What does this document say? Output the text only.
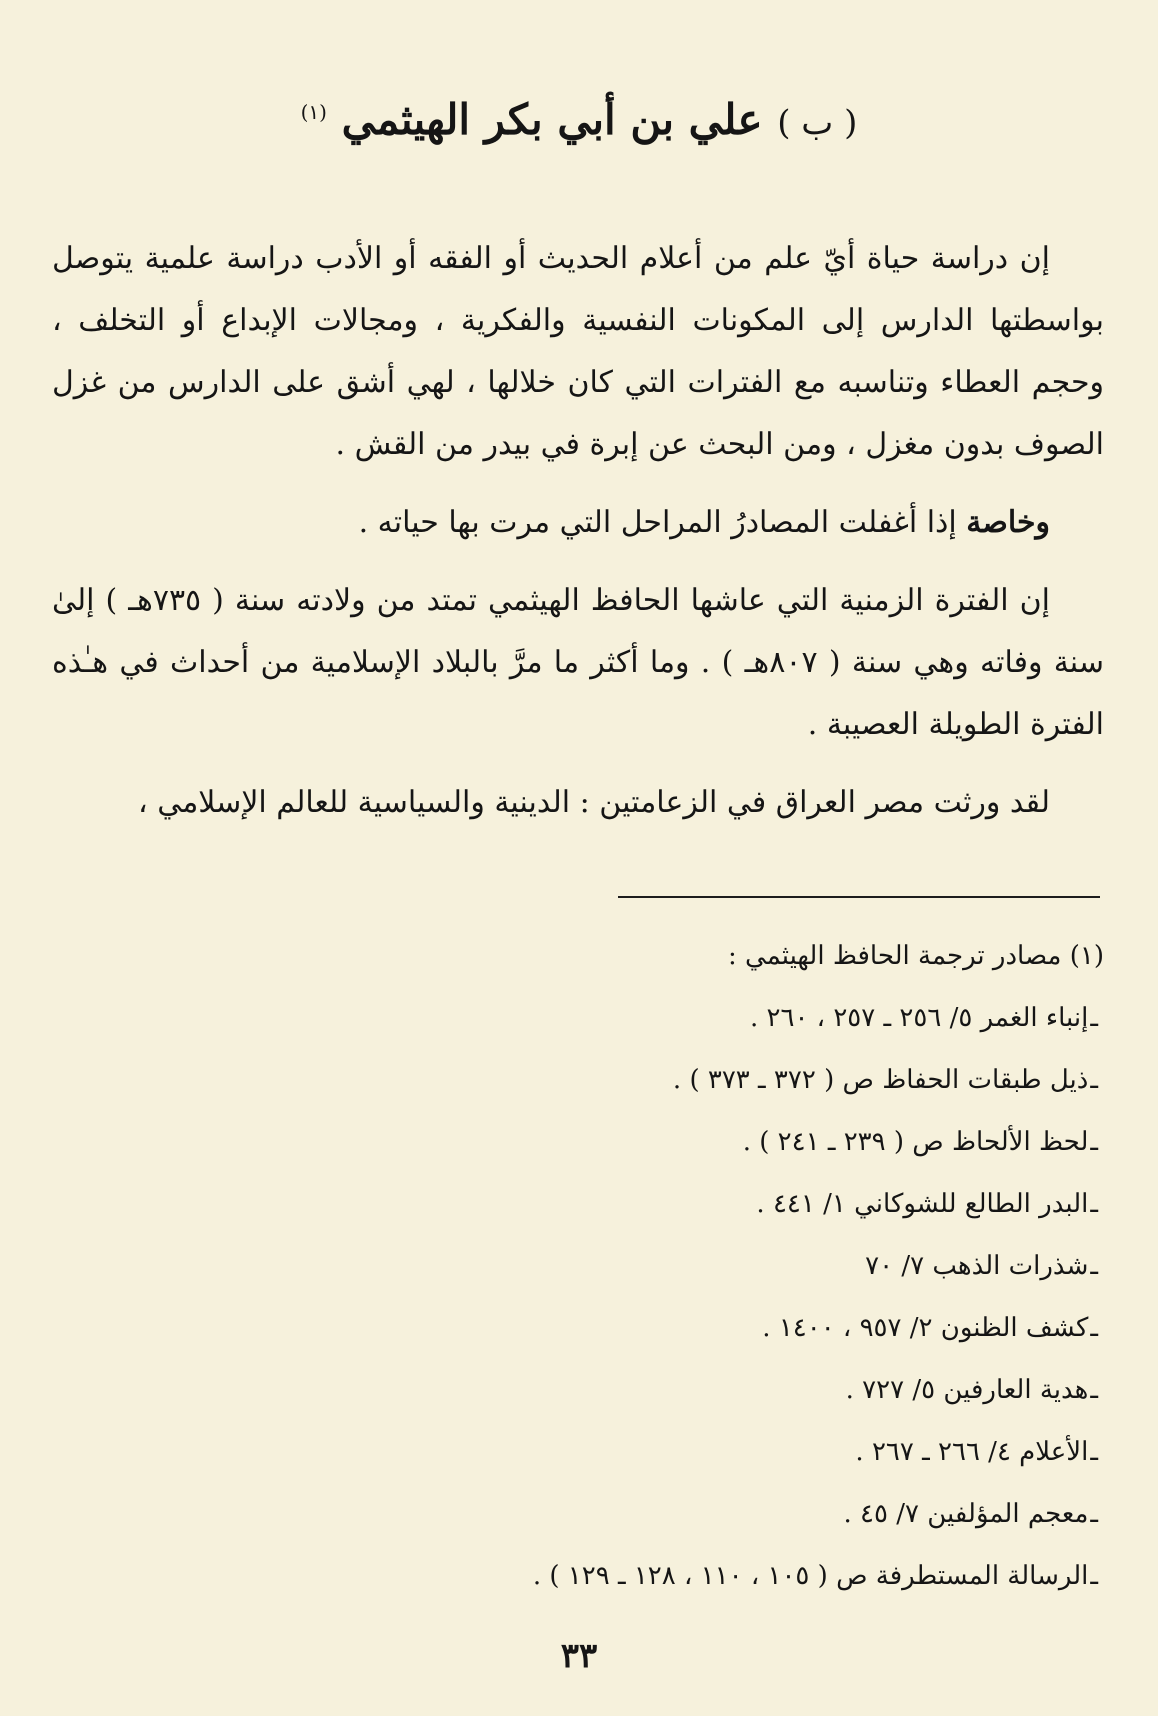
( ب ) علي بن أبي بكر الهيثمي $^{(١)}$

إن دراسة حياة أيّ علم من أعلام الحديث أو الفقه أو الأدب دراسة علمية يتوصل بواسطتها الدارس إلى المكونات النفسية والفكرية ، ومجالات الإبداع أو التخلف ، وحجم العطاء وتناسبه مع الفترات التي كان خلالها ، لهي أشق على الدارس من غزل الصوف بدون مغزل ، ومن البحث عن إبرة في بيدر من القش .

وخاصة إذا أغفلت المصادرُ المراحل التي مرت بها حياته .

إن الفترة الزمنية التي عاشها الحافظ الهيثمي تمتد من ولادته سنة ( ٧٣٥هـ ) إلىٰ سنة وفاته وهي سنة ( ٨٠٧هـ ) . وما أكثر ما مرَّ بالبلاد الإسلامية من أحداث في هـٰذه الفترة الطويلة العصيبة .

لقد ورثت مصر العراق في الزعامتين : الدينية والسياسية للعالم الإسلامي ،

(١) مصادر ترجمة الحافظ الهيثمي :
ـإنباء الغمر ٥/ ٢٥٦ ـ ٢٥٧ ، ٢٦٠ .
ـذيل طبقات الحفاظ ص ( ٣٧٢ ـ ٣٧٣ ) .
ـلحظ الألحاظ ص ( ٢٣٩ ـ ٢٤١ ) .
ـالبدر الطالع للشوكاني ١/ ٤٤١ .
ـشذرات الذهب ٧/ ٧٠
ـكشف الظنون ٢/ ٩٥٧ ، ١٤٠٠ .
ـهدية العارفين ٥/ ٧٢٧ .
ـالأعلام ٤/ ٢٦٦ ـ ٢٦٧ .
ـمعجم المؤلفين ٧/ ٤٥ .
ـالرسالة المستطرفة ص ( ١٠٥ ، ١١٠ ، ١٢٨ ـ ١٢٩ ) .
٣٣
